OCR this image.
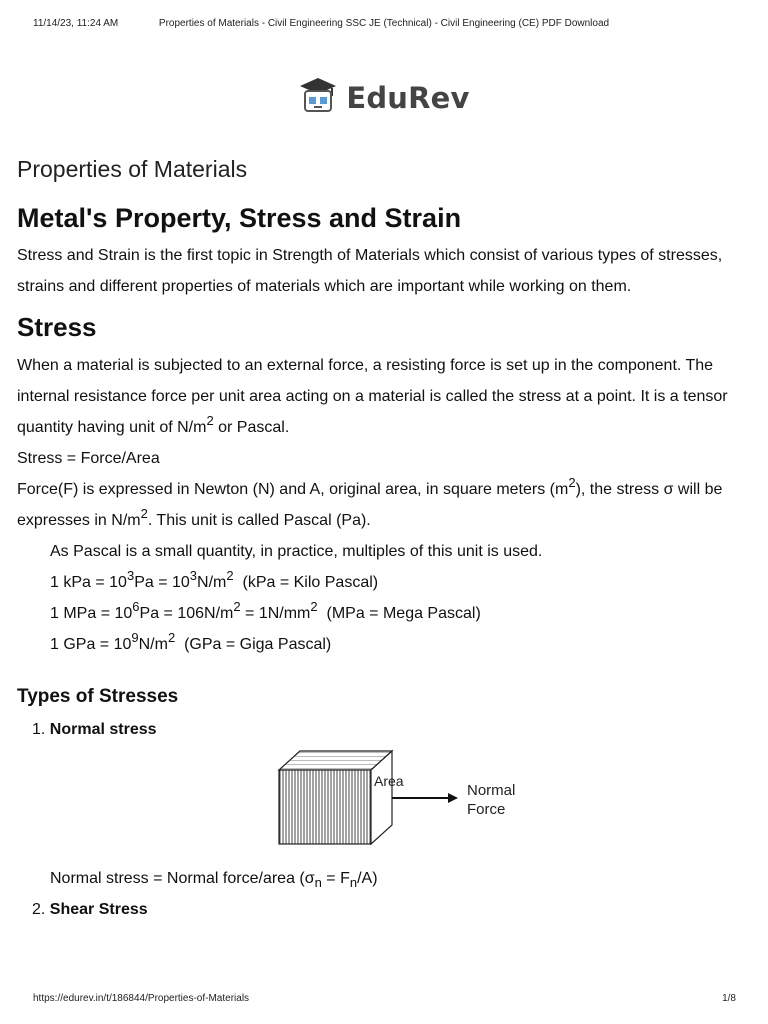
11/14/23, 11:24 AM	Properties of Materials - Civil Engineering SSC JE (Technical) - Civil Engineering (CE) PDF Download
EduRev
Properties of Materials
Metal's Property, Stress and Strain

Stress and Strain is the first topic in Strength of Materials which consist of various types of stresses, strains and different properties of materials which are important while working on them.

Stress

When a material is subjected to an external force, a resisting force is set up in the component. The internal resistance force per unit area acting on a material is called the stress at a point. It is a tensor quantity having unit of $N/m^2$ or Pascal.

Stress = Force/Area

Force(F) is expressed in Newton (N) and A, original area, in square meters $(m^2)$, the stress σ will be expresses in $N/m^2$. This unit is called Pascal (Pa).

As Pascal is a small quantity, in practice, multiples of this unit is used.

1 kPa = $10^3Pa = 10^3N/m^2$  (kPa = Kilo Pascal)

1 MPa = $10^6Pa = 106N/m^2 = 1N/mm^2$  (MPa = Mega Pascal)

1 GPa = $10^9N/m^2$  (GPa = Giga Pascal)

Types of Stresses
1. Normal stress
Area
Normal
Force

Normal stress = Normal force/area $(\sigma_n = F_n/A)$

2. Shear Stress
https://edurev.in/t/186844/Properties-of-Materials	1/8
